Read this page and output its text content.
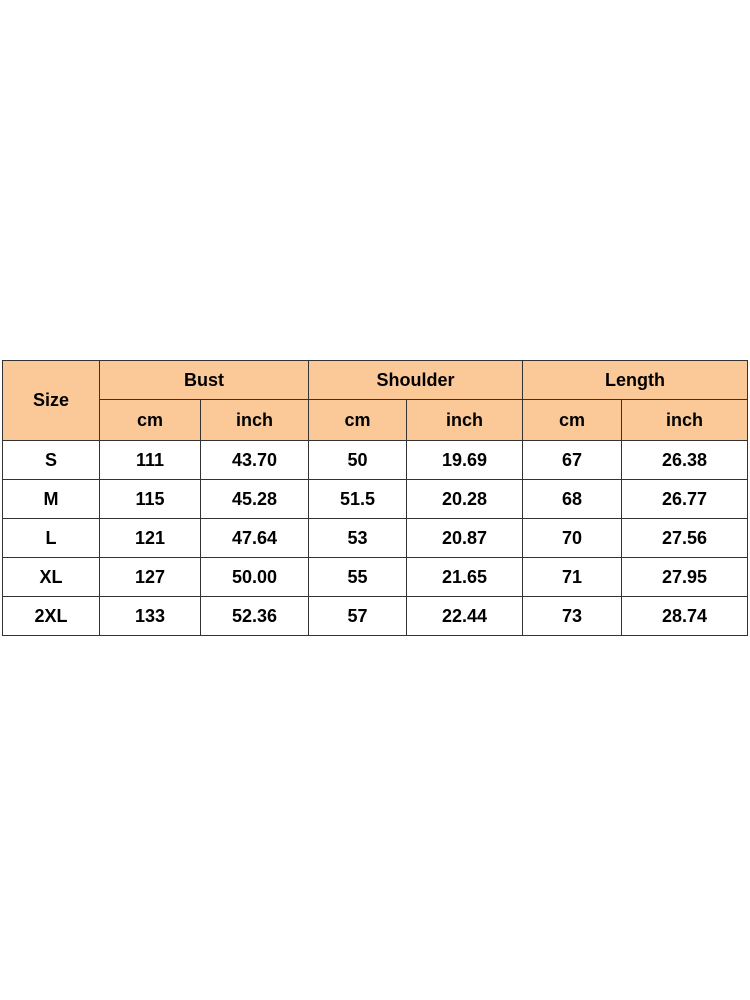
Size	Bust		Shoulder		Length	
	cm	inch	cm	inch	cm	inch
S	111	43.70	50	19.69	67	26.38
M	115	45.28	51.5	20.28	68	26.77
L	121	47.64	53	20.87	70	27.56
XL	127	50.00	55	21.65	71	27.95
2XL	133	52.36	57	22.44	73	28.74
